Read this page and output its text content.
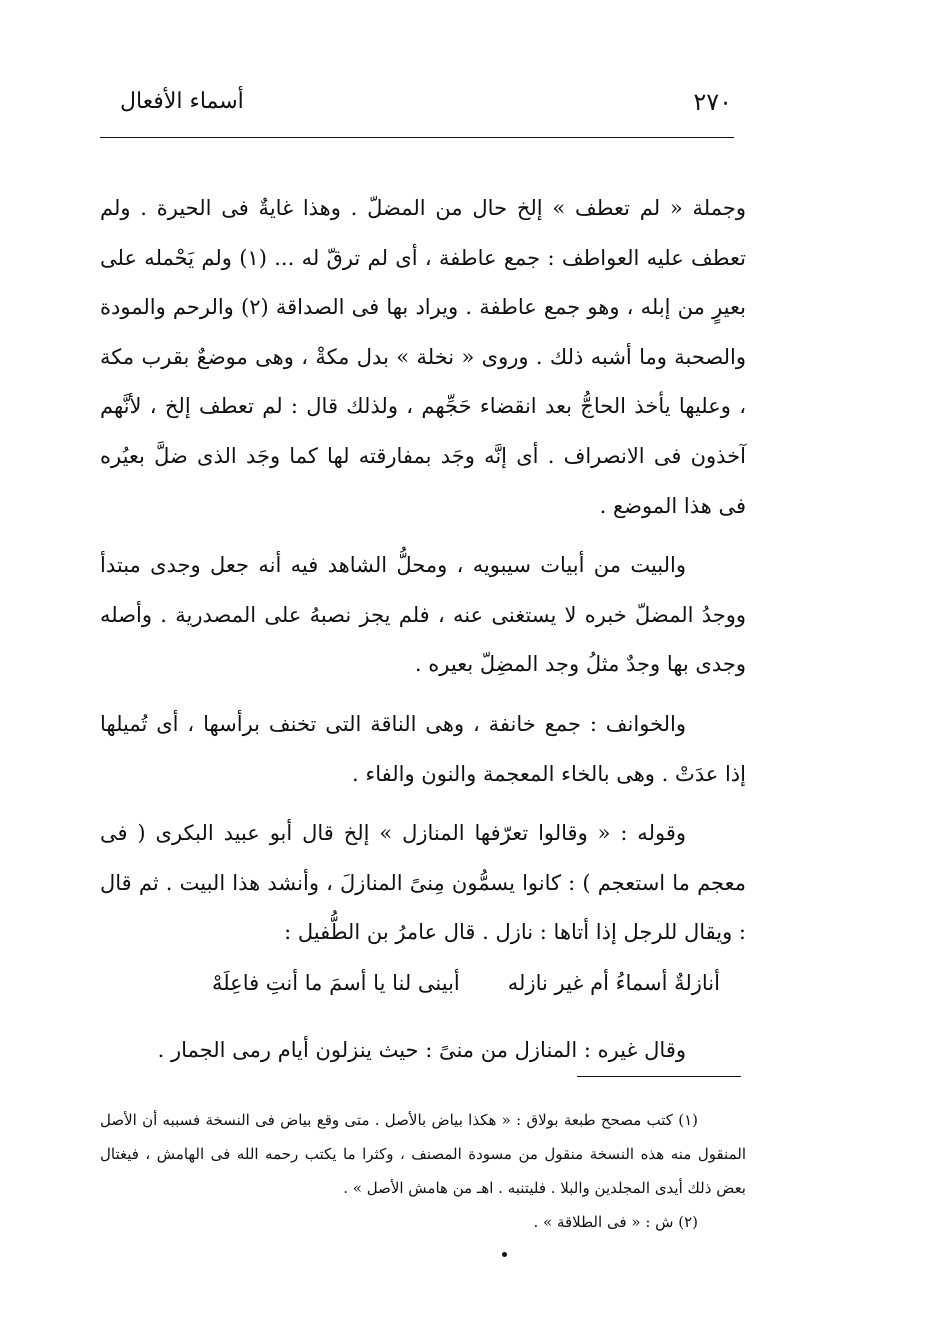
٢٧٠
أسماء الأفعال

وجملة « لم تعطف » إلخ حال من المضلّ . وهذا غايةٌ فى الحيرة . ولم تعطف عليه العواطف : جمع عاطفة ، أى لم ترقّ له ... (١) ولم يَحْمله على بعيرٍ من إبله ، وهو جمع عاطفة . ويراد بها فى الصداقة (٢) والرحم والمودة والصحبة وما أشبه ذلك . وروى « نخلة » بدل مكةْ ، وهى موضعٌ بقرب مكة ، وعليها يأخذ الحاجُّ بعد انقضاء حَجِّهم ، ولذلك قال : لم تعطف إلخ ، لأنَّهم آخذون فى الانصراف . أى إنَّه وجَد بمفارقته لها كما وجَد الذى ضلَّ بعيُره فى هذا الموضع .

والبيت من أبيات سيبويه ، ومحلُّ الشاهد فيه أنه جعل وجدى مبتدأ ووجدُ المضلّ خبره لا يستغنى عنه ، فلم يجز نصبهُ على المصدرية . وأصله وجدى بها وجدٌ مثلُ وجد المضِلّ بعيره .

والخوانف : جمع خانفة ، وهى الناقة التى تخنف برأسها ، أى تُميلها إذا عدَتْ . وهى بالخاء المعجمة والنون والفاء .

وقوله : « وقالوا تعرّفها المنازل » إلخ قال أبو عبيد البكرى ( فى معجم ما استعجم ) : كانوا يسمُّون مِنىً المنازلَ ، وأنشد هذا البيت . ثم قال : ويقال للرجل إذا أتاها : نازل . قال عامرُ بن الطُّفيل :

أنازلةٌ أسماءُ أم غير نازله
أبينى لنا يا أسمَ ما أنتِ فاعِلَهْ

وقال غيره : المنازل من منىً : حيث ينزلون أيام رمى الجمار .

(١) كتب مصحح طبعة بولاق : « هكذا بياض بالأصل . متى وقع بياض فى النسخة فسببه أن الأصل المنقول منه هذه النسخة منقول من مسودة المصنف ، وكثرا ما يكتب رحمه الله فى الهامش ، فيغتال بعض ذلك أيدى المجلدين والبلا . فليتنبه . اهـ من هامش الأصل » .

(٢) ش : « فى الطلاقة » .
